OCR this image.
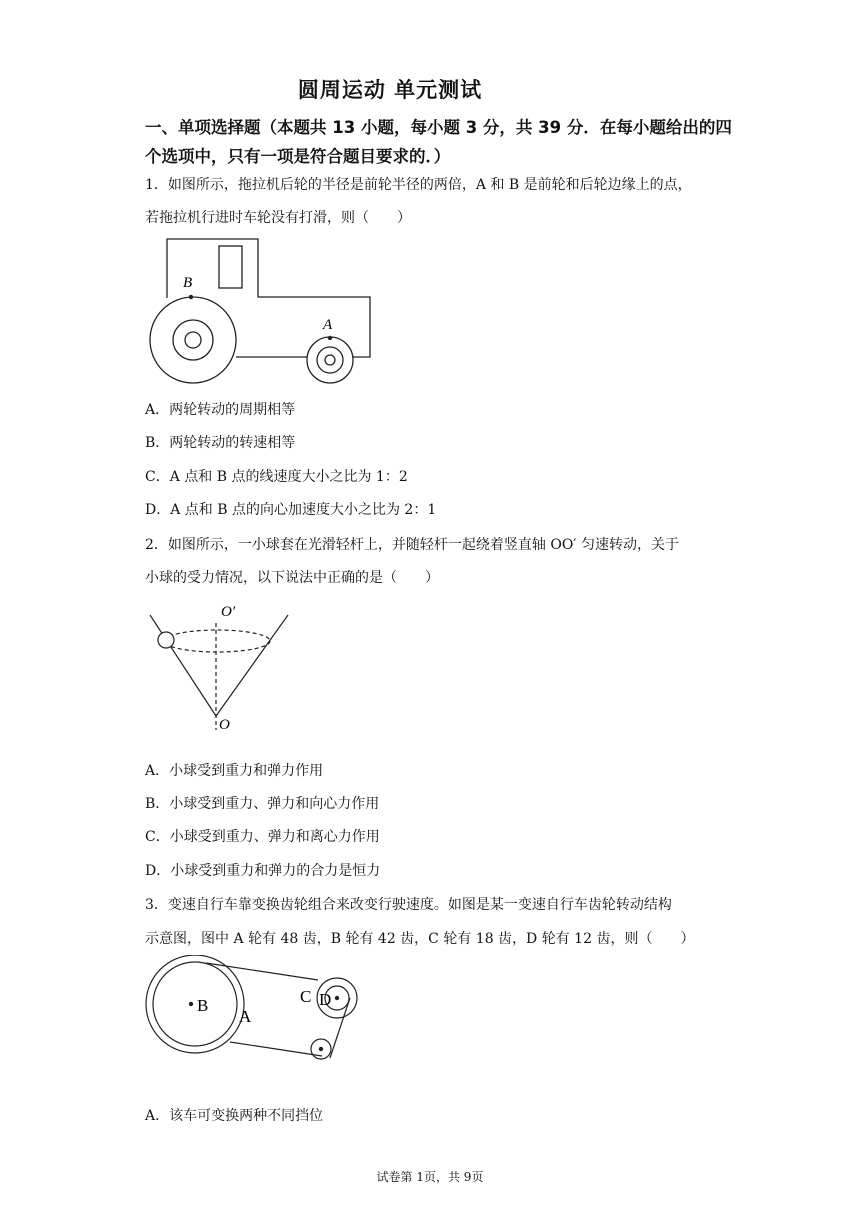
圆周运动 单元测试
一、单项选择题（本题共 13 小题，每小题 3 分，共 39 分．在每小题给出的四个选项中，只有一项是符合题目要求的．）
1．如图所示，拖拉机后轮的半径是前轮半径的两倍，A 和 B 是前轮和后轮边缘上的点，
若拖拉机行进时车轮没有打滑，则（　　）
B
A
A．两轮转动的周期相等
B．两轮转动的转速相等
C．A 点和 B 点的线速度大小之比为 1：2
D．A 点和 B 点的向心加速度大小之比为 2：1
2．如图所示，一小球套在光滑轻杆上，并随轻杆一起绕着竖直轴 OO′ 匀速转动，关于
小球的受力情况，以下说法中正确的是（　　）
O′
O
A．小球受到重力和弹力作用
B．小球受到重力、弹力和向心力作用
C．小球受到重力、弹力和离心力作用
D．小球受到重力和弹力的合力是恒力
3．变速自行车靠变换齿轮组合来改变行驶速度。如图是某一变速自行车齿轮转动结构
示意图，图中 A 轮有 48 齿，B 轮有 42 齿，C 轮有 18 齿，D 轮有 12 齿，则（　　）
B
A
C D
A．该车可变换两种不同挡位
试卷第 1页，共 9页
